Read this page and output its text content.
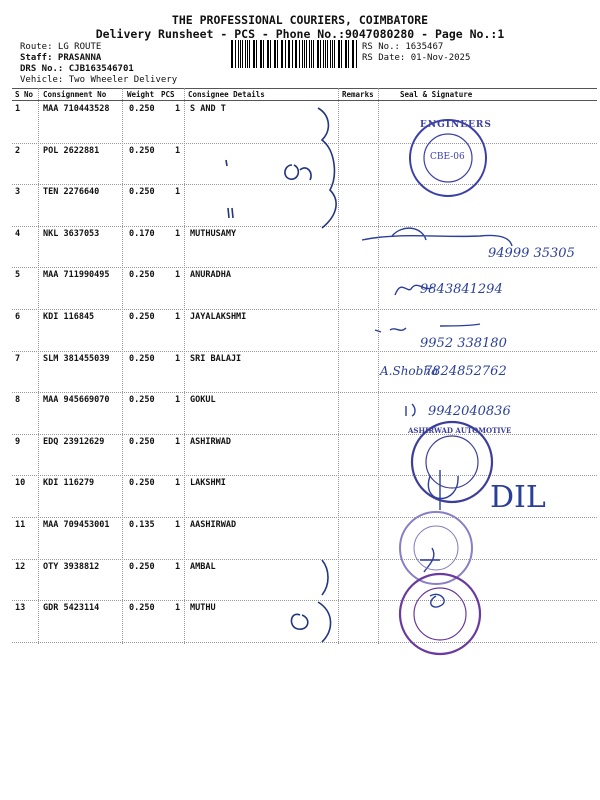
THE PROFESSIONAL COURIERS, COIMBATORE
Delivery Runsheet - PCS - Phone No.:9047080280 - Page No.:1
Route: LG ROUTE
Staff: PRASANNA
DRS No.: CJB163546701
Vehicle: Two Wheeler Delivery
RS No.: 1635467
RS Date: 01-Nov-2025
S No Consignment No	Weight PCS Consignee Details	Remarks	Seal & Signature
1	MAA 710443528 0.250 1 S AND T
2	POL 2622881	0.250 1
3	TEN 2276640	0.250 1
4	NKL 3637053	0.170 1 MUTHUSAMY
5	MAA 711990495 0.250 1 ANURADHA
6	KDI 116845	0.250 1 JAYALAKSHMI
7	SLM 381455039 0.250 1 SRI BALAJI
8	MAA 945669070 0.250 1 GOKUL
9	EDQ 23912629	0.250 1 ASHIRWAD
10 KDI 116279	0.250 1 LAKSHMI
11 MAA 709453001 0.135 1 AASHIRWAD
12 OTY 3938812	0.250 1 AMBAL
13 GDR 5423114	0.250 1 MUTHU
ENGINEERS
CBE-06
ASHIRWAD AUTOMOTIVE
94999 35305
9843841294
9952 338180
A.Shobha
7824852762
9942040836
DIL
